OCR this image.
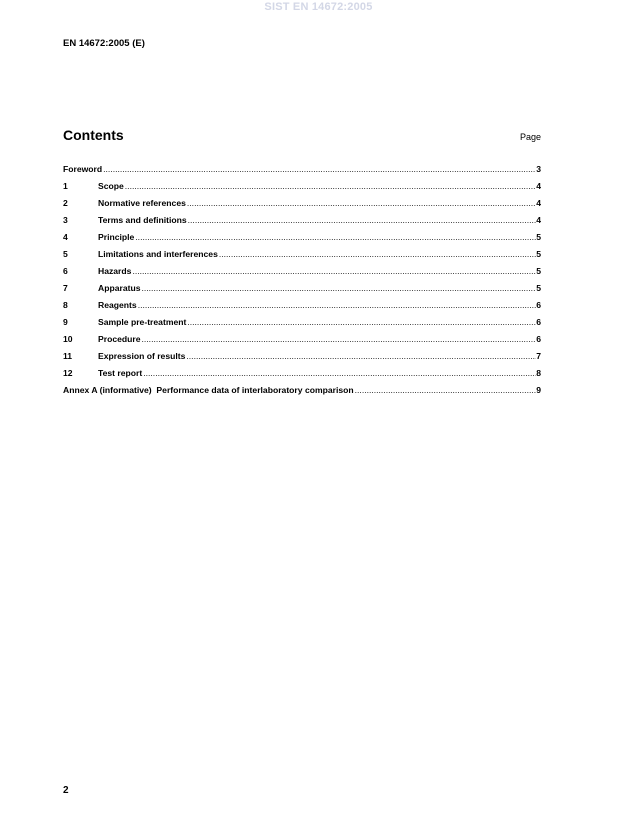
SIST EN 14672:2005
EN 14672:2005 (E)
Contents	Page
Foreword .....	3
1	Scope .....	4
2	Normative references .....	4
3	Terms and definitions .....	4
4	Principle .....	5
5	Limitations and interferences .....	5
6	Hazards .....	5
7	Apparatus .....	5
8	Reagents .....	6
9	Sample pre-treatment .....	6
10	Procedure .....	6
11	Expression of results .....	7
12	Test report .....	8
Annex A (informative)  Performance data of interlaboratory comparison .....	9
2
